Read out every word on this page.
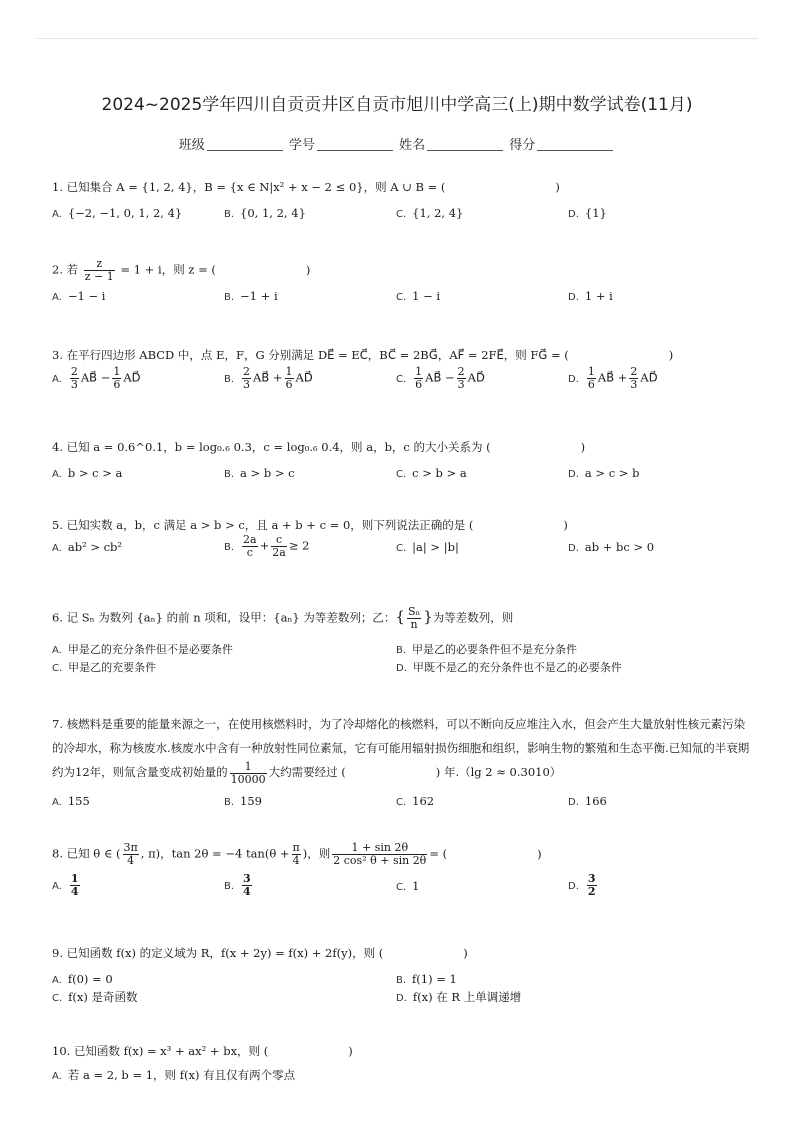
2024~2025学年四川自贡贡井区自贡市旭川中学高三(上)期中数学试卷(11月)
班级	学号	姓名	得分
1. 已知集合 A = {1, 2, 4}，B = {x ∈ N|x² + x − 2 ≤ 0}，则 A ∪ B = (	)
A. {−2, −1, 0, 1, 2, 4}	B. {0, 1, 2, 4}	C. {1, 2, 4}	D. {1}
2. 若 $\frac{z}{z - 1} = 1 + i$，则 z = (	)
A. −1 − i	B. −1 + i	C. 1 − i	D. 1 + i
3. 在平行四边形 ABCD 中，点 E，F，G 分别满足 DE⃗ = EC⃗，BC⃗ = 2BG⃗，AF⃗ = 2FE⃗，则 FG⃗ = (	)
A. $\frac{2}{3}$ AB⃗ − $\frac{1}{6}$ AD⃗	B. $\frac{2}{3}$ AB⃗ + $\frac{1}{6}$ AD⃗	C. $\frac{1}{6}$ AB⃗ − $\frac{2}{3}$ AD⃗	D. $\frac{1}{6}$ AB⃗ + $\frac{2}{3}$ AD⃗
4. 已知 a = 0.6^0.1，b = log₀.₆ 0.3，c = log₀.₆ 0.4，则 a，b，c 的大小关系为 (	)
A. b > c > a	B. a > b > c	C. c > b > a	D. a > c > b
5. 已知实数 a，b，c 满足 a > b > c，且 a + b + c = 0，则下列说法正确的是 (	)
A. ab² > cb²	B. $\frac{2a}{c} + \frac{c}{2a} \ge 2$	C. |a| > |b|	D. ab + bc > 0
6. 记 Sₙ 为数列 {aₙ} 的前 n 项和，设甲：{aₙ} 为等差数列；乙：{ $\frac{\text{Sₙ}}{n}$ }为等差数列，则
A. 甲是乙的充分条件但不是必要条件	B. 甲是乙的必要条件但不是充分条件
C. 甲是乙的充要条件	D. 甲既不是乙的充分条件也不是乙的必要条件
7. 核燃料是重要的能量来源之一，在使用核燃料时，为了冷却熔化的核燃料，可以不断向反应堆注入水，但会产生大量放射性核元素污染的冷却水，称为核废水.核废水中含有一种放射性同位素氚，它有可能用辐射损伤细胞和组织，影响生物的繁殖和生态平衡.已知氚的半衰期约为12年，则氚含量变成初始量的 $\frac{1}{10000}$ 大约需要经过 (	) 年.（lg 2 ≈ 0.3010）
A. 155	B. 159	C. 162	D. 166
8. 已知 θ ∈ ( $\frac{3\pi}{4}$ , π)，tan 2θ = −4 $\tan(\theta + \frac{\pi}{4}$ )，则 $\frac{1 + \sin 2\theta}{\text{2 cos² θ + sin 2θ}}$ = (	)
A. $\frac{1}{4}$	B. $\frac{3}{4}$	C. 1	D. $\frac{3}{2}$
9. 已知函数 f(x) 的定义域为 R，f(x + 2y) = f(x) + 2f(y)，则 (	)
A. f(0) = 0	B. f(1) = 1
C. f(x) 是奇函数	D. f(x) 在 R 上单调递增
10. 已知函数 f(x) = x³ + ax² + bx，则 (	)
A. 若 a = 2, b = 1，则 f(x) 有且仅有两个零点
